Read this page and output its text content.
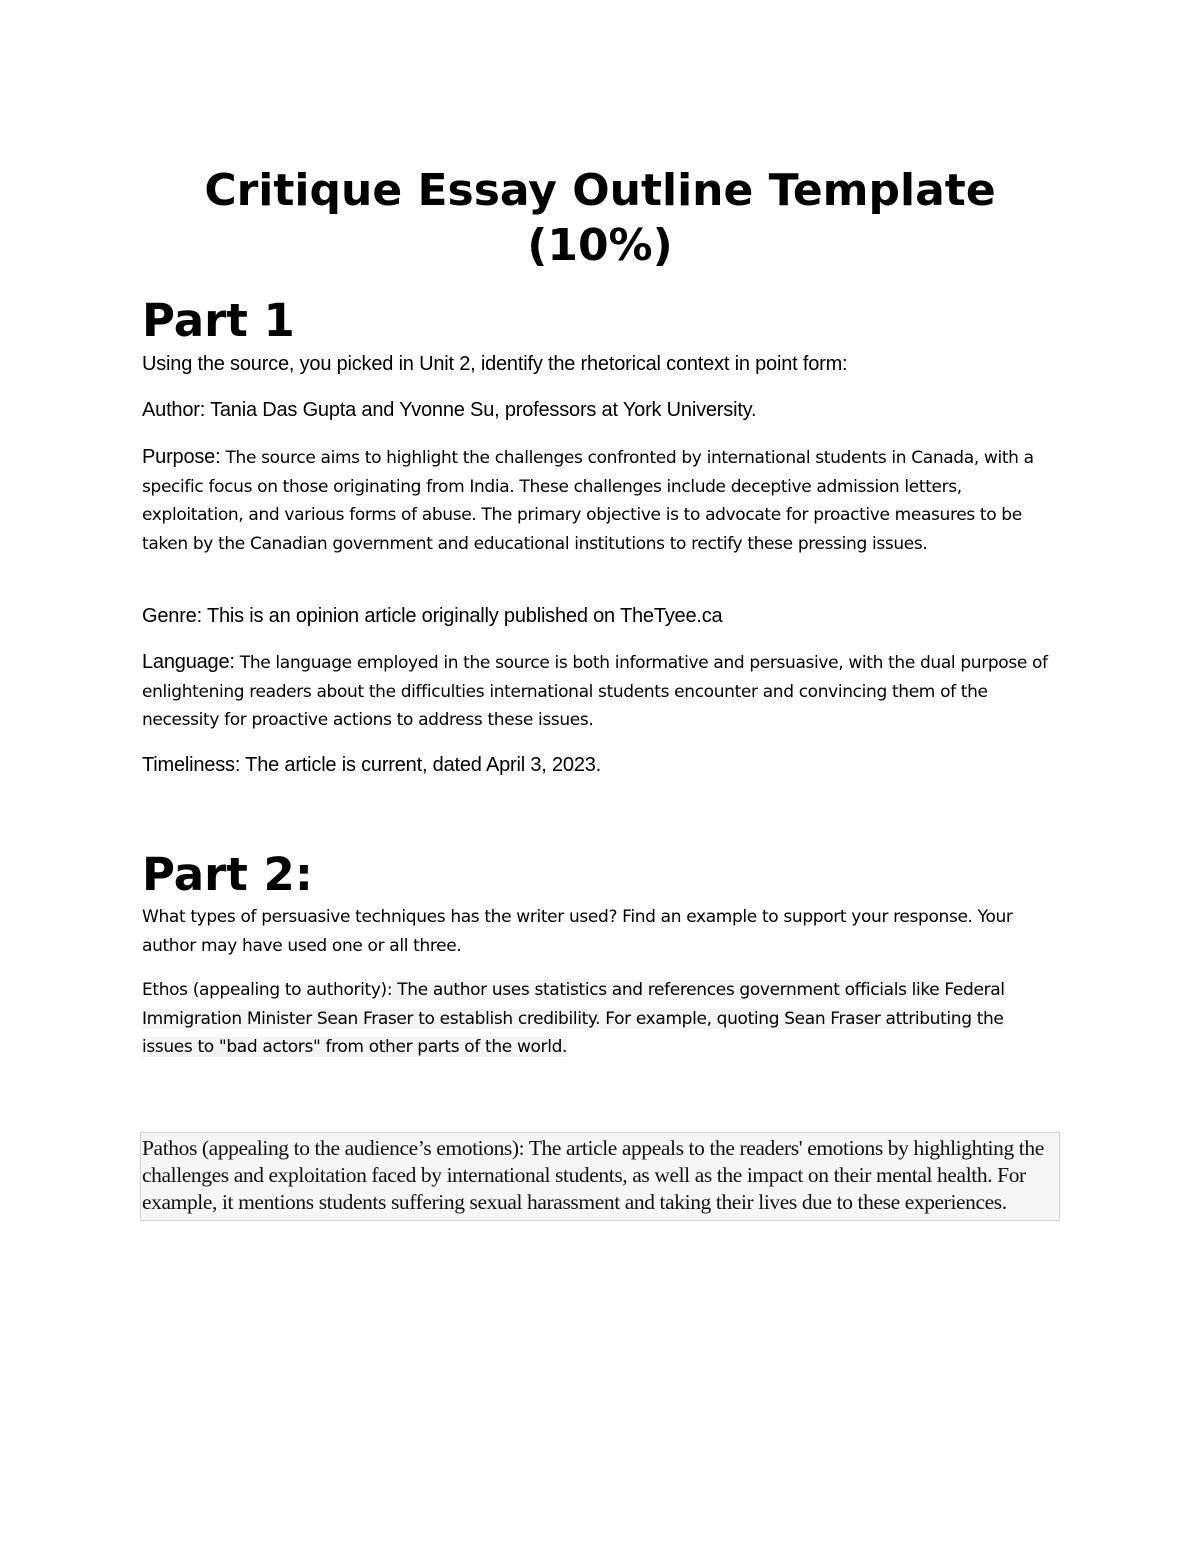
Critique Essay Outline Template (10%)
Part 1

Using the source, you picked in Unit 2, identify the rhetorical context in point form:

Author: Tania Das Gupta and Yvonne Su, professors at York University.

Purpose: The source aims to highlight the challenges confronted by international students in Canada, with a specific focus on those originating from India. These challenges include deceptive admission letters, exploitation, and various forms of abuse. The primary objective is to advocate for proactive measures to be taken by the Canadian government and educational institutions to rectify these pressing issues.

Genre: This is an opinion article originally published on TheTyee.ca

Language: The language employed in the source is both informative and persuasive, with the dual purpose of enlightening readers about the difficulties international students encounter and convincing them of the necessity for proactive actions to address these issues.

Timeliness: The article is current, dated April 3, 2023.

Part 2:

What types of persuasive techniques has the writer used? Find an example to support your response. Your author may have used one or all three.

Ethos (appealing to authority): The author uses statistics and references government officials like Federal Immigration Minister Sean Fraser to establish credibility. For example, quoting Sean Fraser attributing the issues to "bad actors" from other parts of the world.

Pathos (appealing to the audience’s emotions): The article appeals to the readers' emotions by highlighting the challenges and exploitation faced by international students, as well as the impact on their mental health. For example, it mentions students suffering sexual harassment and taking their lives due to these experiences.
